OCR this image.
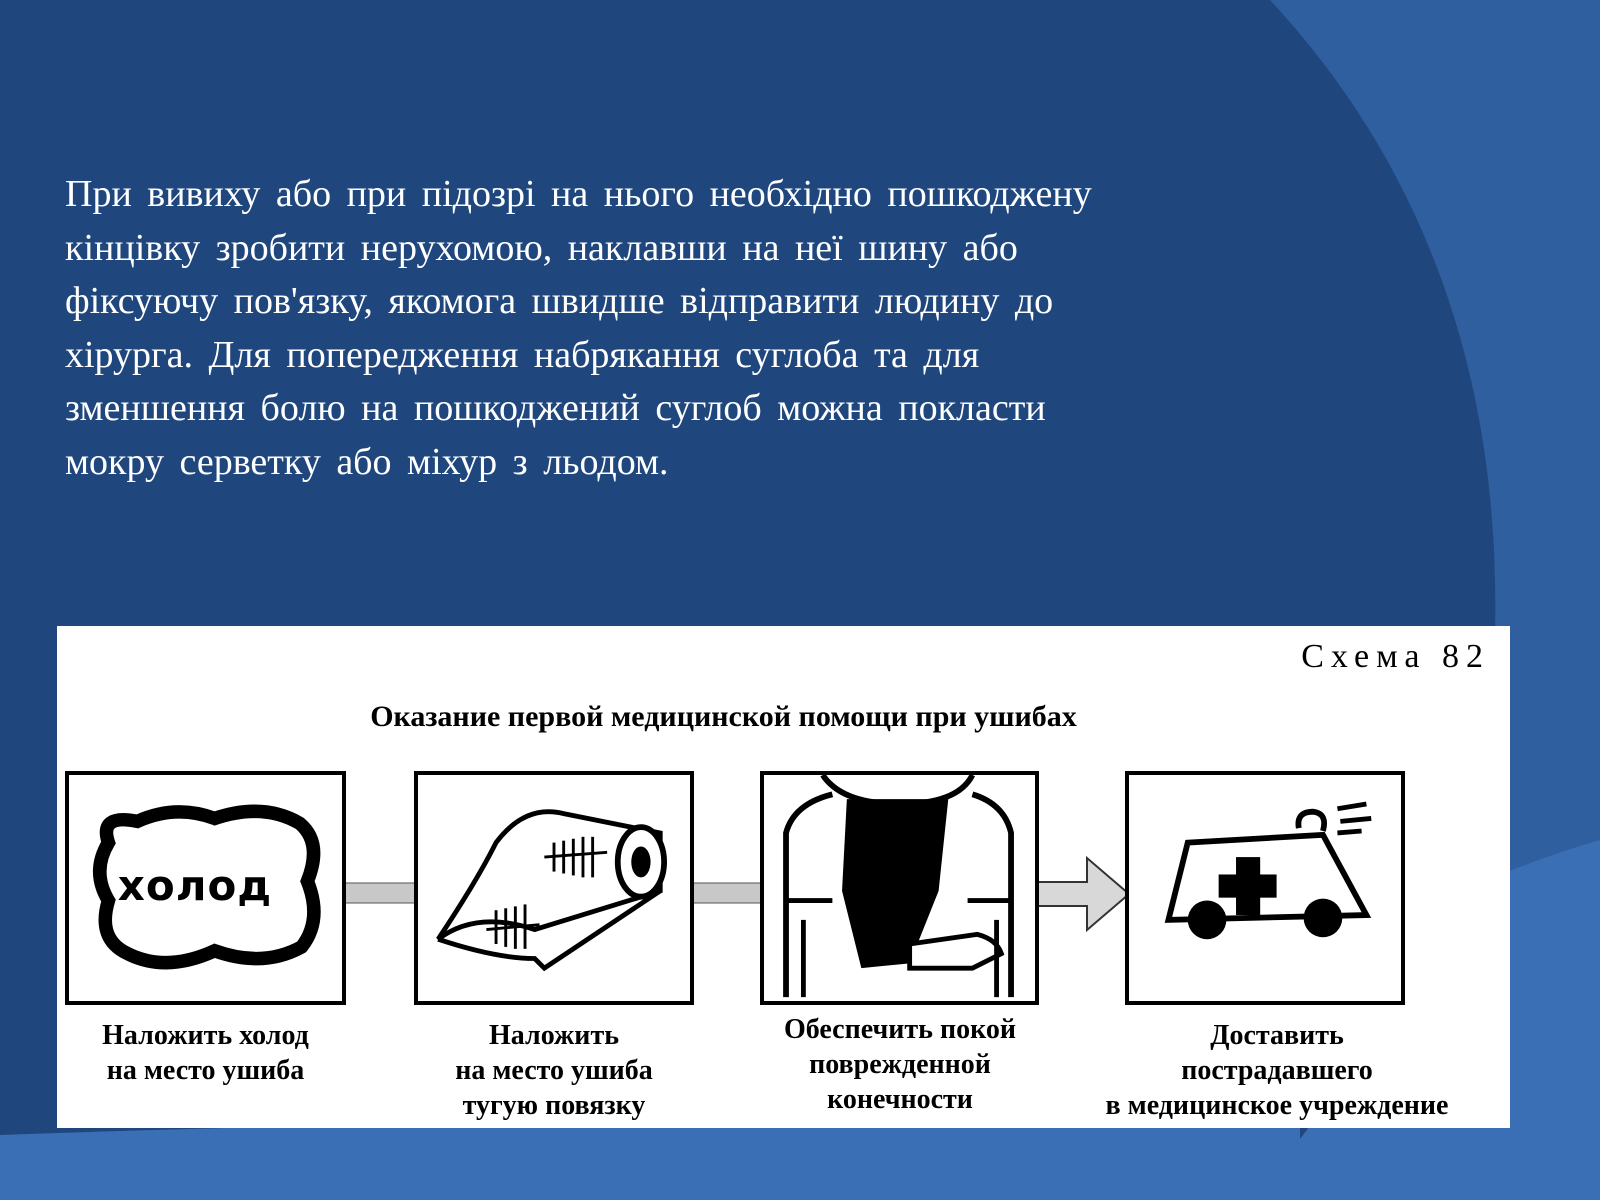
При вивиху або при підозрі на нього необхідно пошкоджену
кінцівку зробити нерухомою, наклавши на неї шину або
фіксуючу пов'язку, якомога швидше відправити людину до
хірурга. Для попередження набрякання суглоба та для
зменшення болю на пошкоджений суглоб можна покласти
мокру серветку або міхур з льодом.
Схема 82
Оказание первой медицинской помощи при ушибах
холод
Наложить холод
на место ушиба
Наложить
на место ушиба
тугую повязку
Обеспечить покой
поврежденной
конечности
Доставить
пострадавшего
в медицинское учреждение
